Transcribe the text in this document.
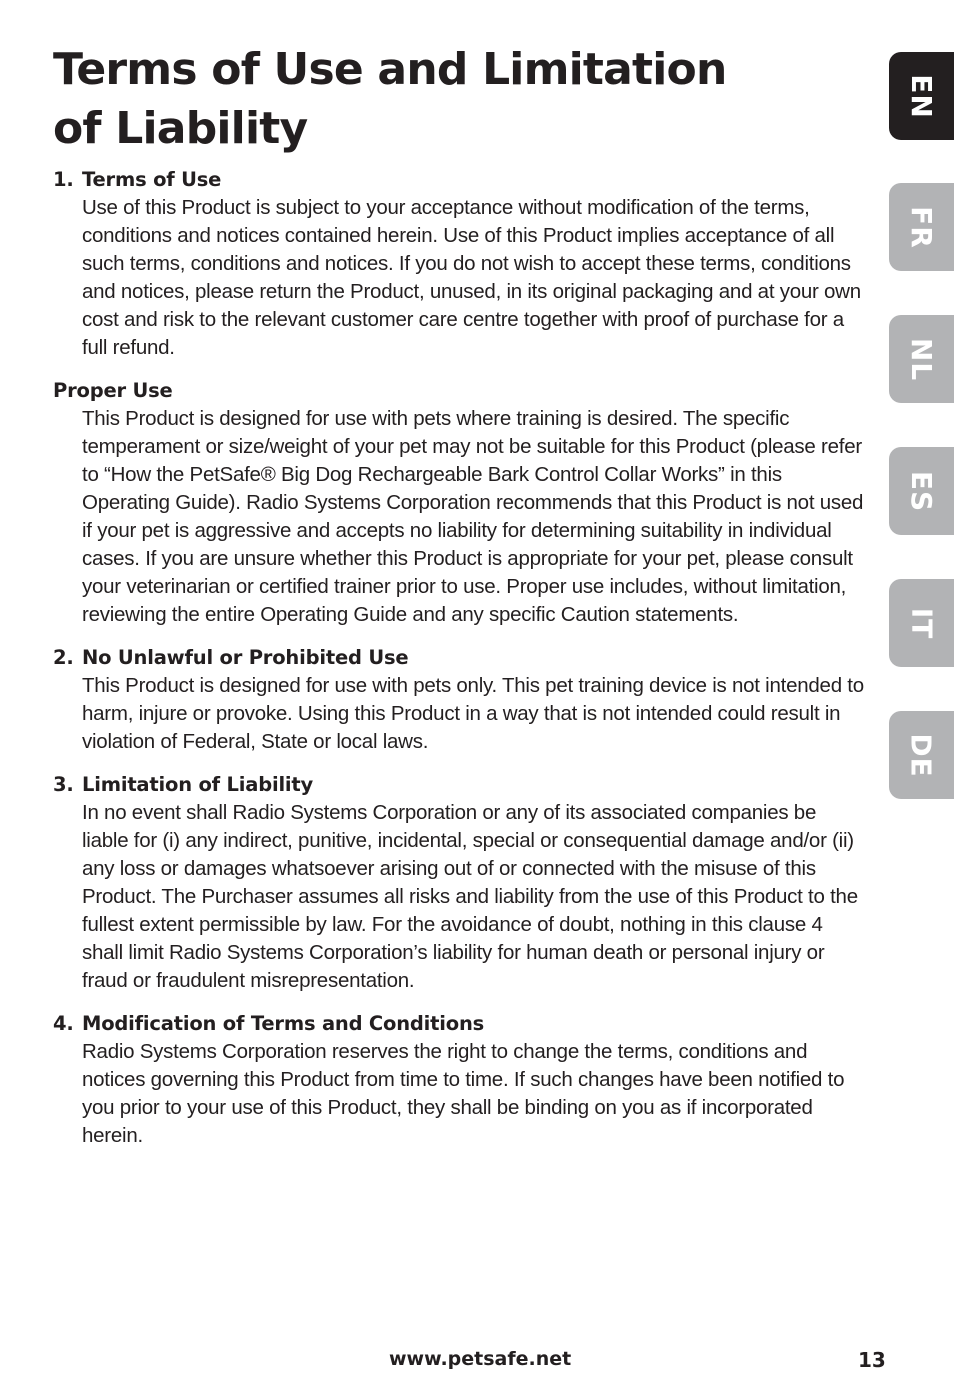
Terms of Use and Limitation
of Liability
1. Terms of Use

Use of this Product is subject to your acceptance without modification of the terms, conditions and notices contained herein. Use of this Product implies acceptance of all such terms, conditions and notices. If you do not wish to accept these terms, conditions and notices, please return the Product, unused, in its original packaging and at your own cost and risk to the relevant customer care centre together with proof of purchase for a full refund.

Proper Use

This Product is designed for use with pets where training is desired. The specific temperament or size/weight of your pet may not be suitable for this Product (please refer to “How the PetSafe® Big Dog Rechargeable Bark Control Collar Works” in this Operating Guide). Radio Systems Corporation recommends that this Product is not used if your pet is aggressive and accepts no liability for determining suitability in individual cases. If you are unsure whether this Product is appropriate for your pet, please consult your veterinarian or certified trainer prior to use. Proper use includes, without limitation, reviewing the entire Operating Guide and any specific Caution statements.

2. No Unlawful or Prohibited Use

This Product is designed for use with pets only. This pet training device is not intended to harm, injure or provoke. Using this Product in a way that is not intended could result in violation of Federal, State or local laws.

3. Limitation of Liability

In no event shall Radio Systems Corporation or any of its associated companies be liable for (i) any indirect, punitive, incidental, special or consequential damage and/or (ii) any loss or damages whatsoever arising out of or connected with the misuse of this Product. The Purchaser assumes all risks and liability from the use of this Product to the fullest extent permissible by law. For the avoidance of doubt, nothing in this clause 4 shall limit Radio Systems Corporation’s liability for human death or personal injury or fraud or fraudulent misrepresentation.

4. Modification of Terms and Conditions

Radio Systems Corporation reserves the right to change the terms, conditions and notices governing this Product from time to time. If such changes have been notified to you prior to your use of this Product, they shall be binding on you as if incorporated herein.

EN
FR
NL
ES
IT
DE
www.petsafe.net	13
